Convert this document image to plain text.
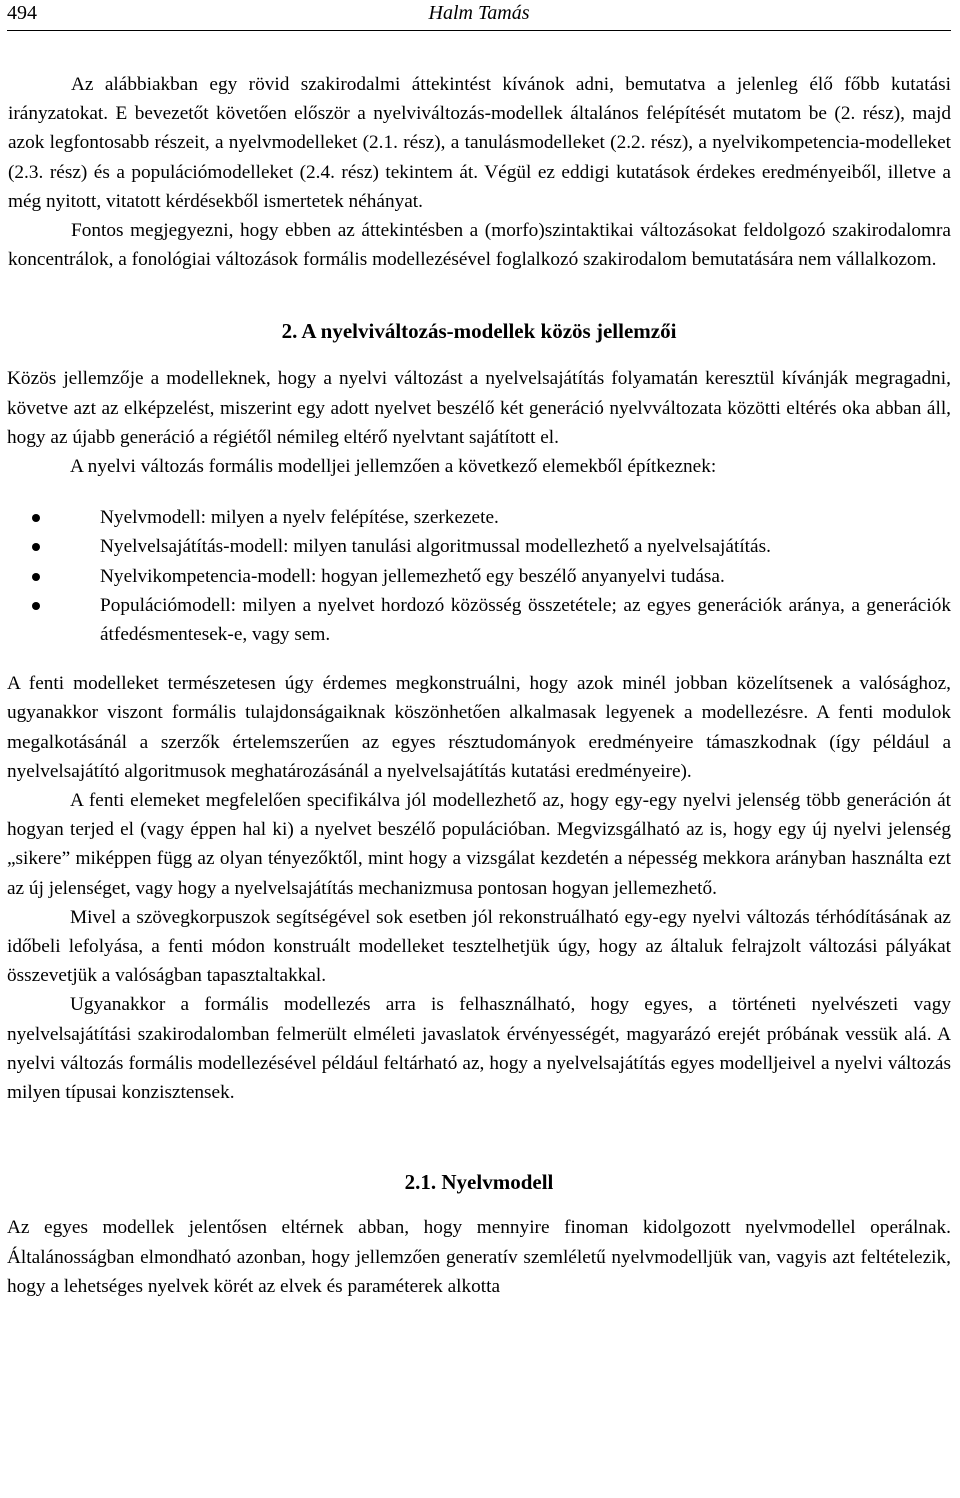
494	Halm Tamás

Az alábbiakban egy rövid szakirodalmi áttekintést kívánok adni, bemutatva a jelenleg élő főbb kutatási irányzatokat. E bevezetőt követően először a nyelviváltozás-modellek általános felépítését mutatom be (2. rész), majd azok legfontosabb részeit, a nyelvmodelleket (2.1. rész), a tanulásmodelleket (2.2. rész), a nyelvikompetencia-modelleket (2.3. rész) és a populációmodelleket (2.4. rész) tekintem át. Végül ez eddigi kutatások érdekes eredményeiből, illetve a még nyitott, vitatott kérdésekből ismertetek néhányat.

Fontos megjegyezni, hogy ebben az áttekintésben a (morfo)szintaktikai változásokat feldolgozó szakirodalomra koncentrálok, a fonológiai változások formális modellezésével foglalkozó szakirodalom bemutatására nem vállalkozom.

2. A nyelviváltozás-modellek közös jellemzői

Közös jellemzője a modelleknek, hogy a nyelvi változást a nyelvelsajátítás folyamatán keresztül kívánják megragadni, követve azt az elképzelést, miszerint egy adott nyelvet beszélő két generáció nyelvváltozata közötti eltérés oka abban áll, hogy az újabb generáció a régiétől némileg eltérő nyelvtant sajátított el.

A nyelvi változás formális modelljei jellemzően a következő elemekből építkeznek:

Nyelvmodell: milyen a nyelv felépítése, szerkezete.
Nyelvelsajátítás-modell: milyen tanulási algoritmussal modellezhető a nyelvelsajátítás.
Nyelvikompetencia-modell: hogyan jellemezhető egy beszélő anyanyelvi tudása.
Populációmodell: milyen a nyelvet hordozó közösség összetétele; az egyes generációk aránya, a generációk átfedésmentesek-e, vagy sem.

A fenti modelleket természetesen úgy érdemes megkonstruálni, hogy azok minél jobban közelítsenek a valósághoz, ugyanakkor viszont formális tulajdonságaiknak köszönhetően alkalmasak legyenek a modellezésre. A fenti modulok megalkotásánál a szerzők értelemszerűen az egyes résztudományok eredményeire támaszkodnak (így például a nyelvelsajátító algoritmusok meghatározásánál a nyelvelsajátítás kutatási eredményeire).

A fenti elemeket megfelelően specifikálva jól modellezhető az, hogy egy-egy nyelvi jelenség több generáción át hogyan terjed el (vagy éppen hal ki) a nyelvet beszélő populációban. Megvizsgálható az is, hogy egy új nyelvi jelenség „sikere” miképpen függ az olyan tényezőktől, mint hogy a vizsgálat kezdetén a népesség mekkora arányban használta ezt az új jelenséget, vagy hogy a nyelvelsajátítás mechanizmusa pontosan hogyan jellemezhető.

Mivel a szövegkorpuszok segítségével sok esetben jól rekonstruálható egy-egy nyelvi változás térhódításának az időbeli lefolyása, a fenti módon konstruált modelleket tesztelhetjük úgy, hogy az általuk felrajzolt változási pályákat összevetjük a valóságban tapasztaltakkal.

Ugyanakkor a formális modellezés arra is felhasználható, hogy egyes, a történeti nyelvészeti vagy nyelvelsajátítási szakirodalomban felmerült elméleti javaslatok érvényességét, magyarázó erejét próbának vessük alá. A nyelvi változás formális modellezésével például feltárható az, hogy a nyelvelsajátítás egyes modelljeivel a nyelvi változás milyen típusai konzisztensek.

2.1. Nyelvmodell

Az egyes modellek jelentősen eltérnek abban, hogy mennyire finoman kidolgozott nyelvmodellel operálnak. Általánosságban elmondható azonban, hogy jellemzően generatív szemléletű nyelvmodelljük van, vagyis azt feltételezik, hogy a lehetséges nyelvek körét az elvek és paraméterek alkotta
